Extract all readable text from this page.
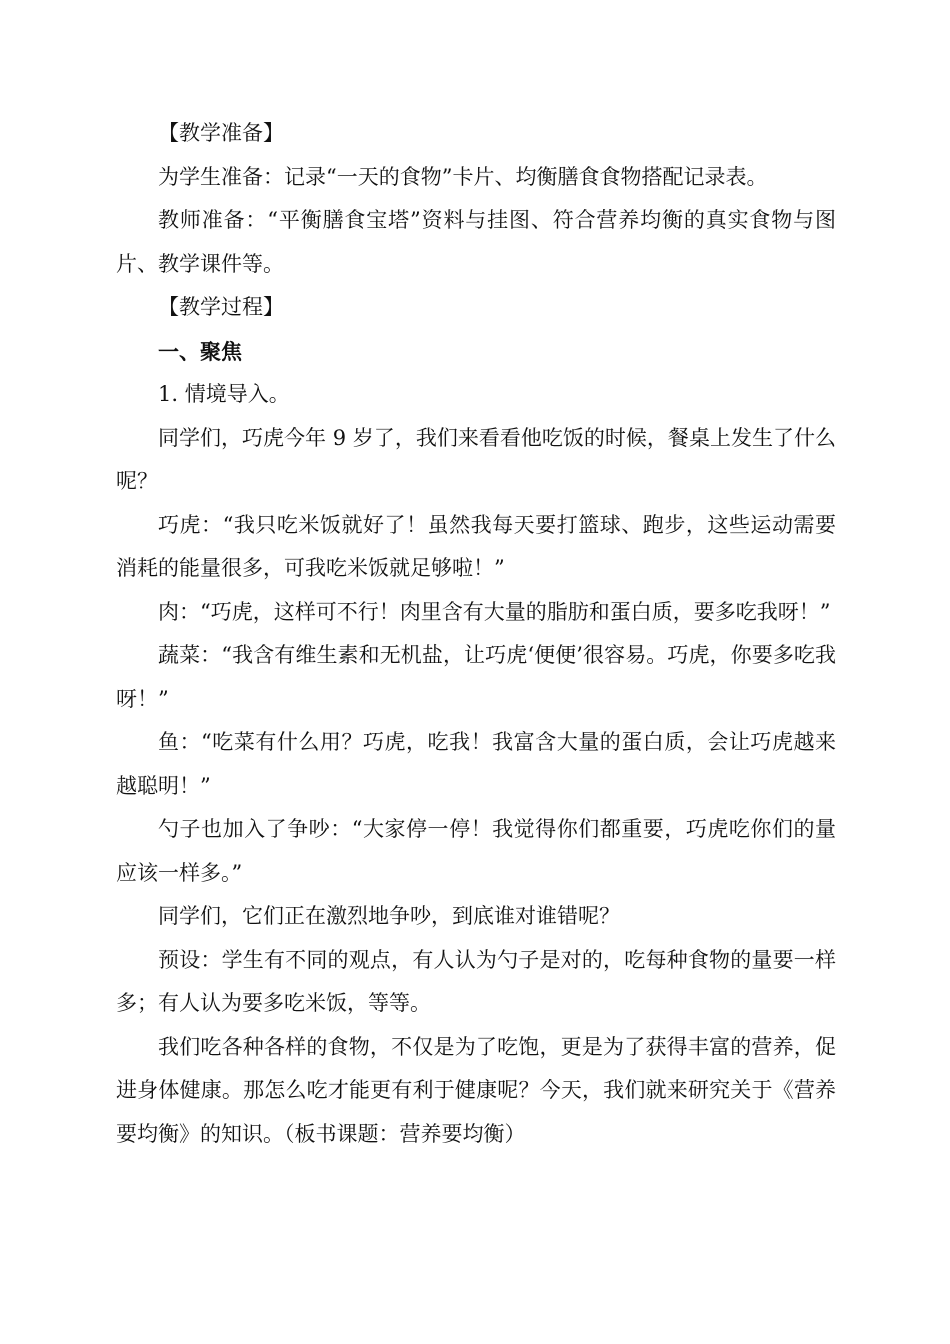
【教学准备】

为学生准备：记录“一天的食物”卡片、均衡膳食食物搭配记录表。

教师准备：“平衡膳食宝塔”资料与挂图、符合营养均衡的真实食物与图片、教学课件等。

【教学过程】

一、聚焦

1. 情境导入。

同学们，巧虎今年 9 岁了，我们来看看他吃饭的时候，餐桌上发生了什么呢？

巧虎：“我只吃米饭就好了！虽然我每天要打篮球、跑步，这些运动需要消耗的能量很多，可我吃米饭就足够啦！”

肉：“巧虎，这样可不行！肉里含有大量的脂肪和蛋白质，要多吃我呀！”

蔬菜：“我含有维生素和无机盐，让巧虎‘便便’很容易。巧虎，你要多吃我呀！”

鱼：“吃菜有什么用？巧虎，吃我！我富含大量的蛋白质，会让巧虎越来越聪明！”

勺子也加入了争吵：“大家停一停！我觉得你们都重要，巧虎吃你们的量应该一样多。”

同学们，它们正在激烈地争吵，到底谁对谁错呢？

预设：学生有不同的观点，有人认为勺子是对的，吃每种食物的量要一样多；有人认为要多吃米饭，等等。

我们吃各种各样的食物，不仅是为了吃饱，更是为了获得丰富的营养，促进身体健康。那怎么吃才能更有利于健康呢？今天，我们就来研究关于《营养要均衡》的知识。（板书课题：营养要均衡）
